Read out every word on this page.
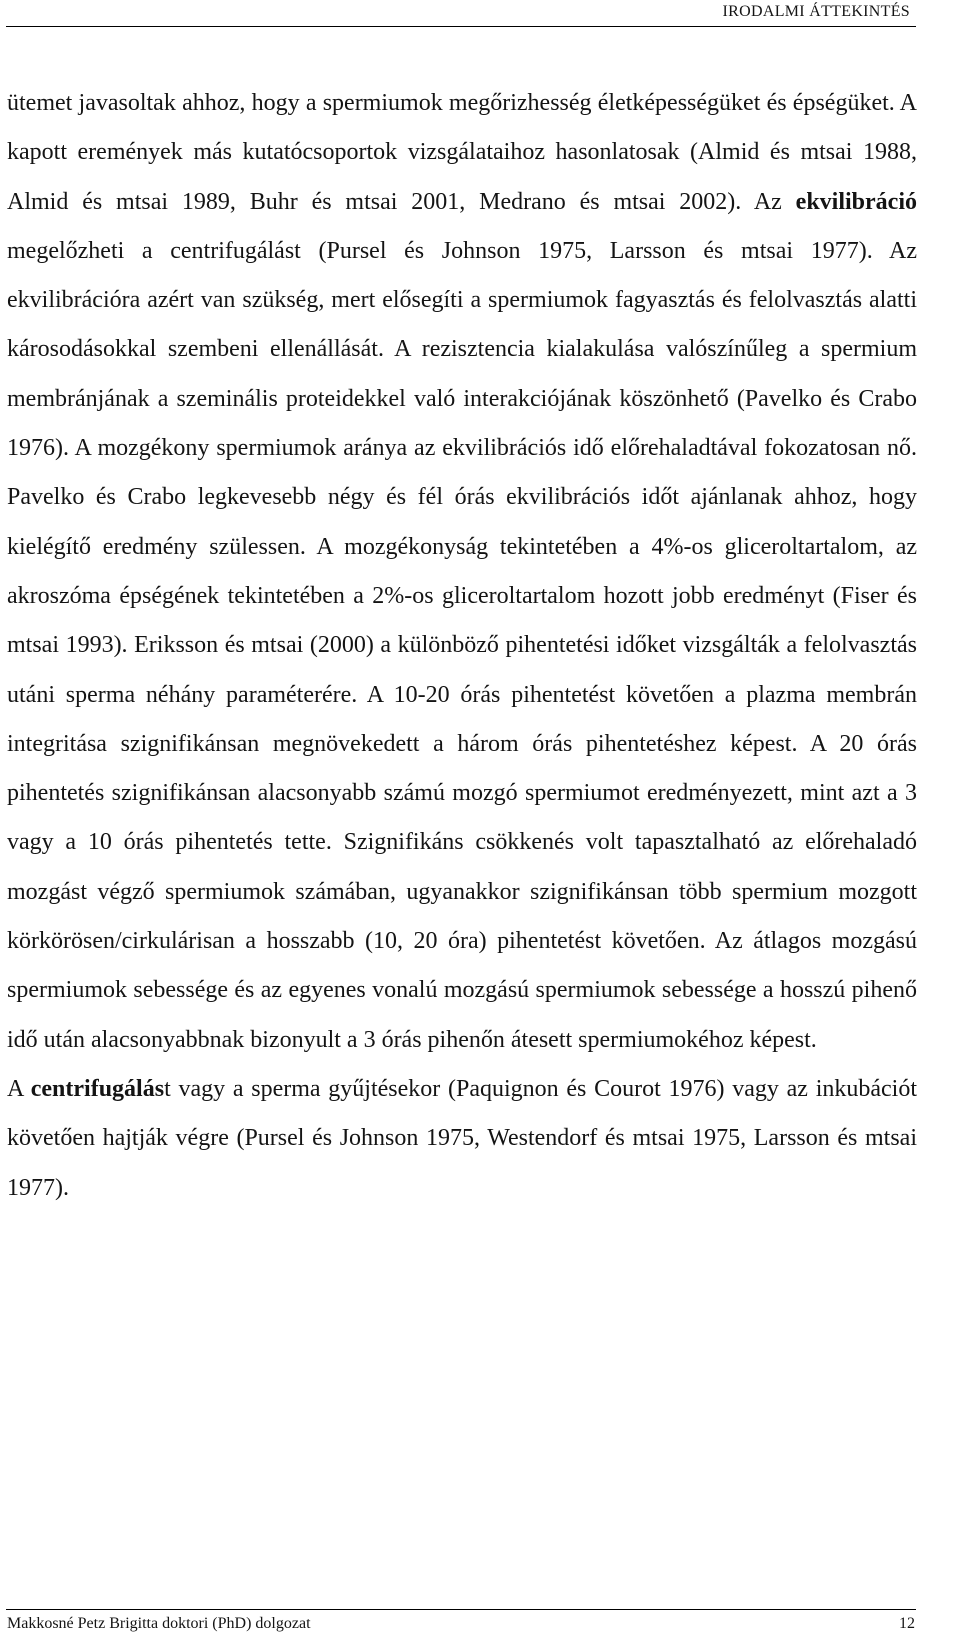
IRODALMI ÁTTEKINTÉS

ütemet javasoltak ahhoz, hogy a spermiumok megőrizhesség életképességüket és épségüket. A kapott eremények más kutatócsoportok vizsgálataihoz hasonlatosak (Almid és mtsai 1988, Almid és mtsai 1989, Buhr és mtsai 2001, Medrano és mtsai 2002). Az ekvilibráció megelőzheti a centrifugálást (Pursel és Johnson 1975, Larsson és mtsai 1977). Az ekvilibrációra azért van szükség, mert elősegíti a spermiumok fagyasztás és felolvasztás alatti károsodásokkal szembeni ellenállását. A rezisztencia kialakulása valószínűleg a spermium membránjának a szeminális proteidekkel való interakciójának köszönhető (Pavelko és Crabo 1976). A mozgékony spermiumok aránya az ekvilibrációs idő előrehaladtával fokozatosan nő. Pavelko és Crabo legkevesebb négy és fél órás ekvilibrációs időt ajánlanak ahhoz, hogy kielégítő eredmény szülessen. A mozgékonyság tekintetében a 4%-os gliceroltartalom, az akroszóma épségének tekintetében a 2%-os gliceroltartalom hozott jobb eredményt (Fiser és mtsai 1993). Eriksson és mtsai (2000) a különböző pihentetési időket vizsgálták a felolvasztás utáni sperma néhány paraméterére. A 10-20 órás pihentetést követően a plazma membrán integritása szignifikánsan megnövekedett a három órás pihentetéshez képest. A 20 órás pihentetés szignifikánsan alacsonyabb számú mozgó spermiumot eredményezett, mint azt a 3 vagy a 10 órás pihentetés tette. Szignifikáns csökkenés volt tapasztalható az előrehaladó mozgást végző spermiumok számában, ugyanakkor szignifikánsan több spermium mozgott körkörösen/cirkulárisan a hosszabb (10, 20 óra) pihentetést követően. Az átlagos mozgású spermiumok sebessége és az egyenes vonalú mozgású spermiumok sebessége a hosszú pihenő idő után alacsonyabbnak bizonyult a 3 órás pihenőn átesett spermiumokéhoz képest.

A centrifugálást vagy a sperma gyűjtésekor (Paquignon és Courot 1976) vagy az inkubációt követően hajtják végre (Pursel és Johnson 1975, Westendorf és mtsai 1975, Larsson és mtsai 1977).

Makkosné Petz Brigitta doktori (PhD) dolgozat	12
